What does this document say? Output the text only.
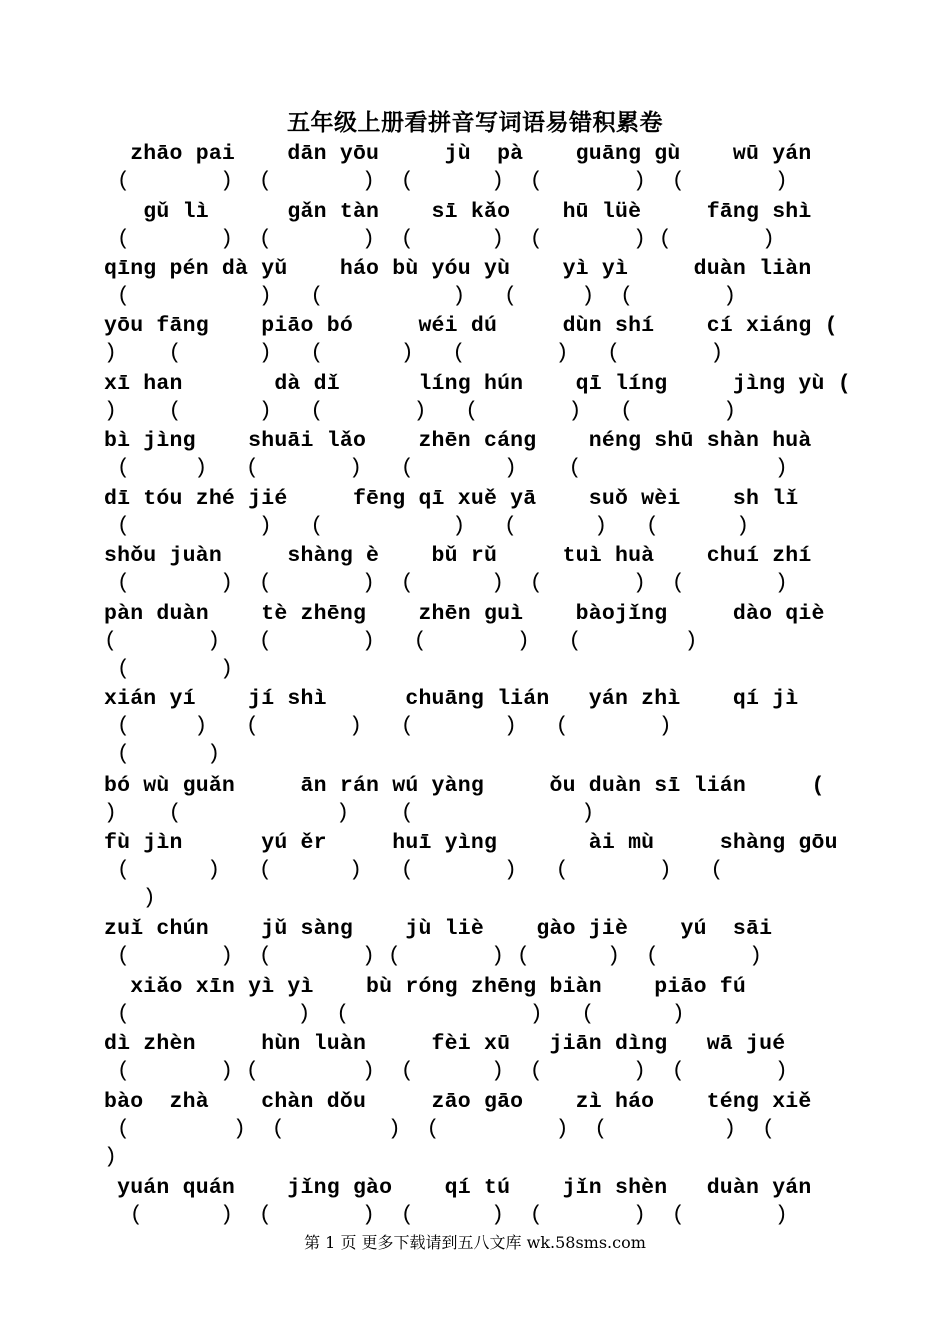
五年级上册看拼音写词语易错积累卷
zhāo pai    dān yōu     jù  pà    guāng gù    wū yán
(       )  (       )  (      )  (       )  (       )
gǔ lì      gǎn tàn    sī kǎo    hū lüè     fāng shì
(       )  (       )  (      )  (       ) (       )
qīng pén dà yǔ    háo bù yóu yù    yì yì     duàn liàn
(          )   (          )   (     )  (       )
yōu fāng    piāo bó     wéi dú     dùn shí    cí xiáng (
)    (      )   (      )   (       )   (       )
xī han       dà dǐ      líng hún    qī líng     jìng yù (
)    (      )   (       )   (       )   (       )
bì jìng    shuāi lǎo    zhēn cáng    néng shū shàn huà
(     )   (       )   (       )    (               )
dī tóu zhé jié     fēng qī xuě yā    suǒ wèi    sh lǐ
(          )   (          )   (      )   (      )
shǒu juàn     shàng è    bǔ rǔ     tuì huà    chuí zhí
(       )  (       )  (      )  (       )  (       )
pàn duàn    tè zhēng    zhēn guì    bàojǐng     dào qiè
(       )   (       )   (       )   (        )
(       )
xián yí    jí shì      chuāng lián   yán zhì    qí jì
(     )   (       )   (       )   (       )
(      )
bó wù guǎn     ān rán wú yàng     ǒu duàn sī lián     (
)    (            )    (             )
fù jìn      yú ěr     huī yìng       ài mù     shàng gōu
(      )   (      )   (       )   (       )   (
)
zuǐ chún    jǔ sàng    jù liè    gào jiè    yú  sāi
(       )  (       ) (       ) (      )  (       )
xiǎo xīn yì yì    bù róng zhēng biàn    piāo fú
(             )  (              )   (      )
dì zhèn     hùn luàn     fèi xū   jiān dìng   wā jué
(       ) (        )  (      )  (       )  (       )
bào  zhà    chàn dǒu     zāo gāo    zì háo    téng xiě
(        )  (        )  (         )  (         )  (
)
yuán quán    jǐng gào    qí tú    jǐn shèn   duàn yán
(      )  (       )  (      )  (       )  (       )
第 1 页 更多下载请到五八文库 wk.58sms.com
